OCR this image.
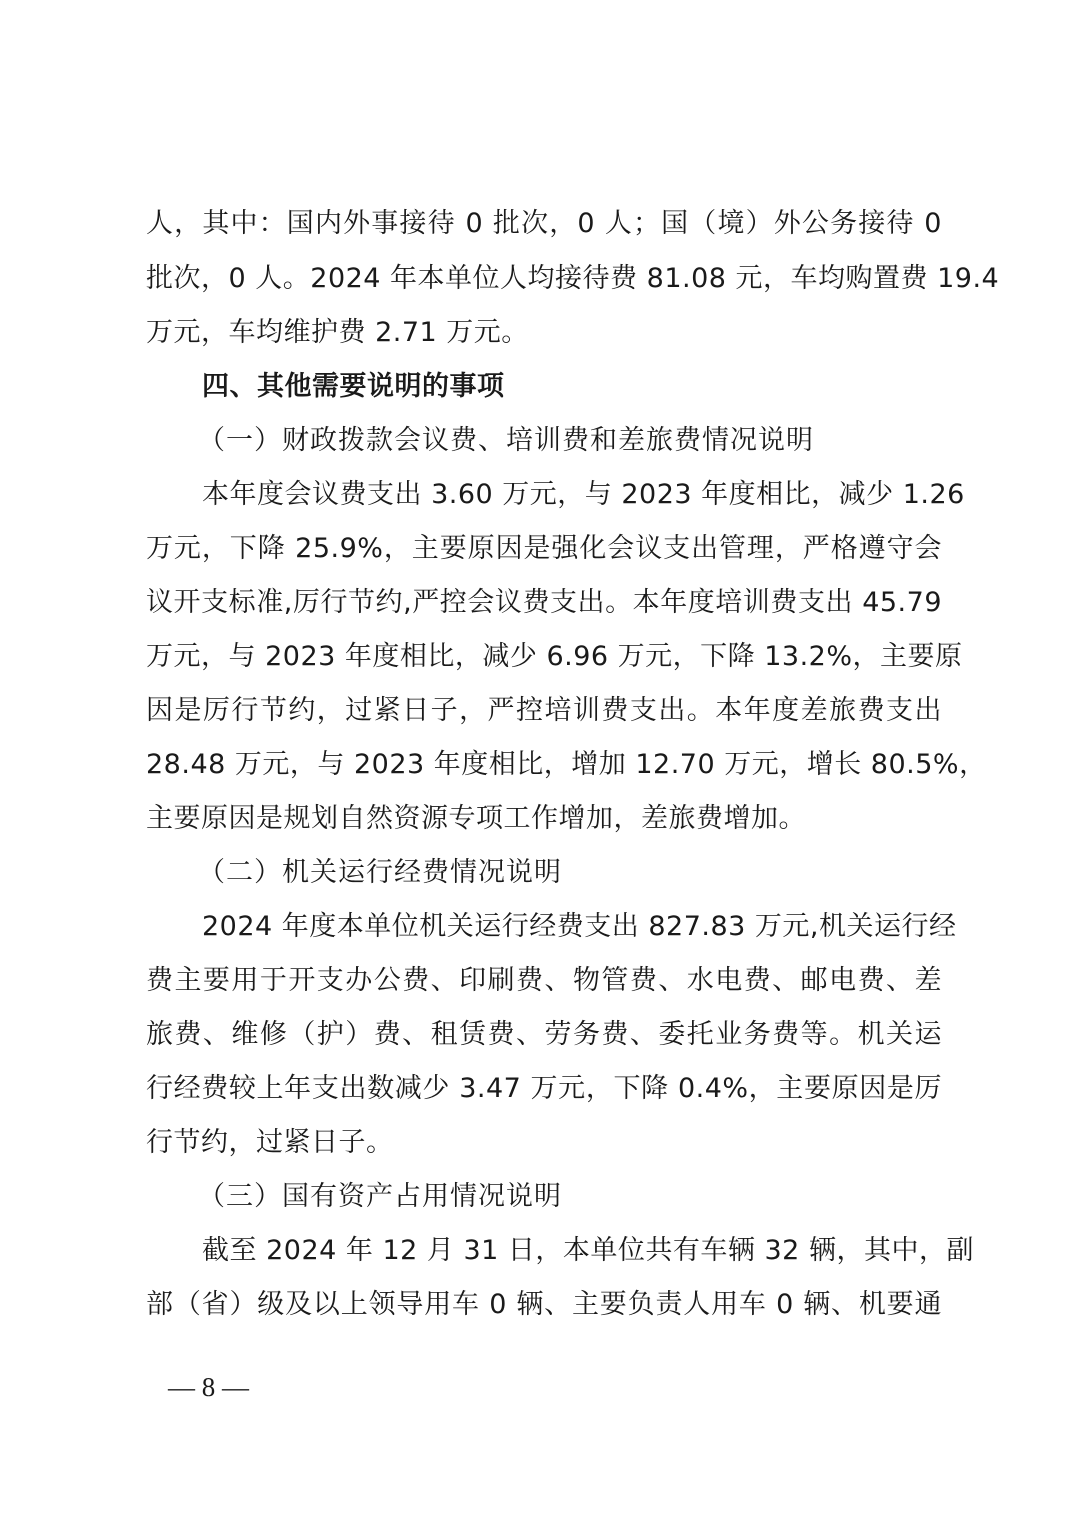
人，其中：国内外事接待 0 批次，0 人；国（境）外公务接待 0
批次，0 人。2024 年本单位人均接待费 81.08 元，车均购置费 19.4
万元，车均维护费 2.71 万元。
四、其他需要说明的事项
（一）财政拨款会议费、培训费和差旅费情况说明
本年度会议费支出 3.60 万元，与 2023 年度相比，减少 1.26
万元，下降 25.9%，主要原因是强化会议支出管理，严格遵守会
议开支标准,厉行节约,严控会议费支出。本年度培训费支出 45.79
万元，与 2023 年度相比，减少 6.96 万元，下降 13.2%，主要原
因是厉行节约，过紧日子，严控培训费支出。本年度差旅费支出
28.48 万元，与 2023 年度相比，增加 12.70 万元，增长 80.5%，
主要原因是规划自然资源专项工作增加，差旅费增加。
（二）机关运行经费情况说明
2024 年度本单位机关运行经费支出 827.83 万元,机关运行经
费主要用于开支办公费、印刷费、物管费、水电费、邮电费、差
旅费、维修（护）费、租赁费、劳务费、委托业务费等。机关运
行经费较上年支出数减少 3.47 万元，下降 0.4%，主要原因是厉
行节约，过紧日子。
（三）国有资产占用情况说明
截至 2024 年 12 月 31 日，本单位共有车辆 32 辆，其中，副
部（省）级及以上领导用车 0 辆、主要负责人用车 0 辆、机要通
— 8 —
